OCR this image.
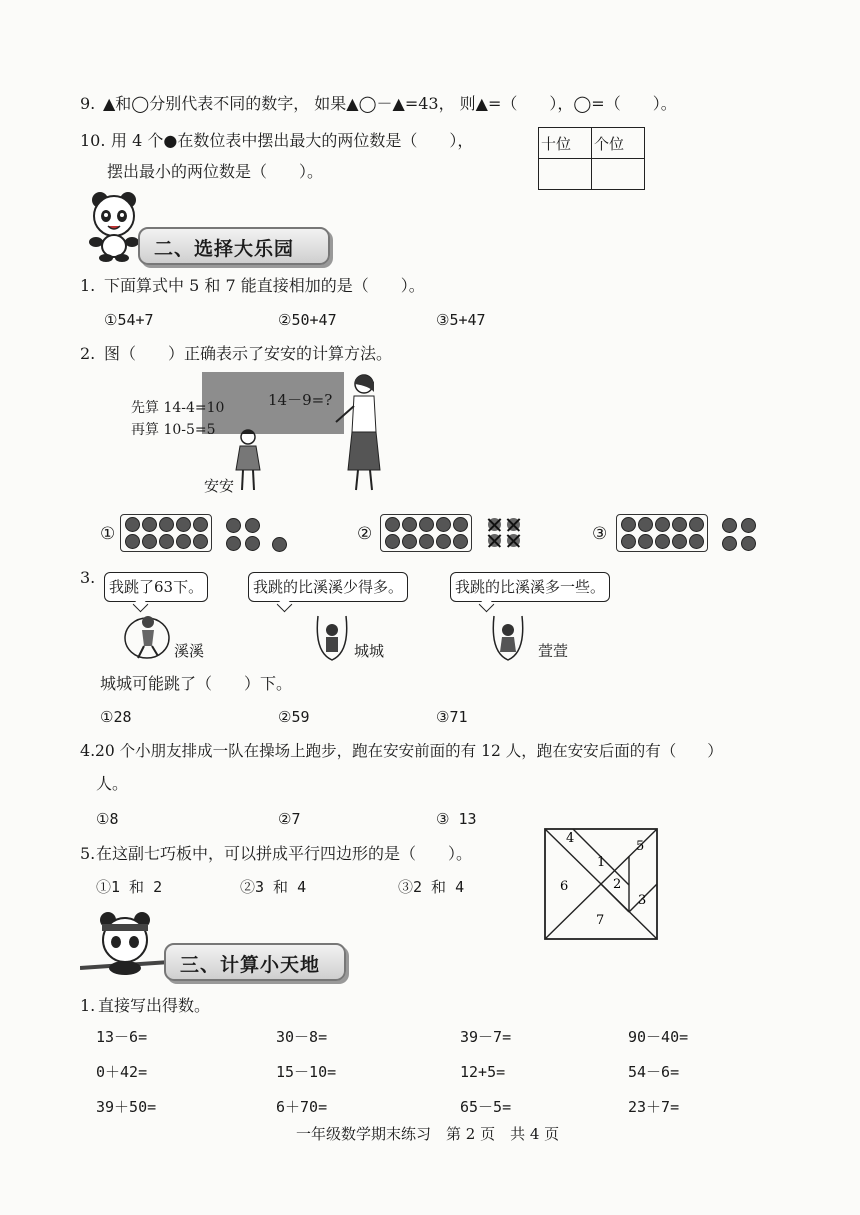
9. ▲和◯分别代表不同的数字， 如果▲◯－▲=43， 则▲=（　　），◯=（　　）。
10. 用 4 个●在数位表中摆出最大的两位数是（　　），
摆出最小的两位数是（　　）。
十位	个位

二、选择大乐园
1. 下面算式中 5 和 7 能直接相加的是（　　）。
①54+7	②50+47	③5+47
2. 图（　　）正确表示了安安的计算方法。
14－9=?
先算 14-4=10
再算 10-5=5
安安
①	②	③
3. 我跳了63下。	我跳的比溪溪少得多。	我跳的比溪溪多一些。
溪溪	城城	萱萱
城城可能跳了（　　）下。
①28	②59	③71
4. 20 个小朋友排成一队在操场上跑步，跑在安安前面的有 12 人，跑在安安后面的有（　　）
人。
①8	②7	③ 13
5. 在这副七巧板中，可以拼成平行四边形的是（　　）。
①1 和 2	②3 和 4	③2 和 4
4
1
5
6	2
3
7
三、计算小天地
1. 直接写出得数。
13－6=	30－8=	39－7=	90－40=
0＋42=	15－10=	12+5=	54－6=
39＋50=	6＋70=	65－5=	23＋7=
一年级数学期末练习　第 2 页　共 4 页
